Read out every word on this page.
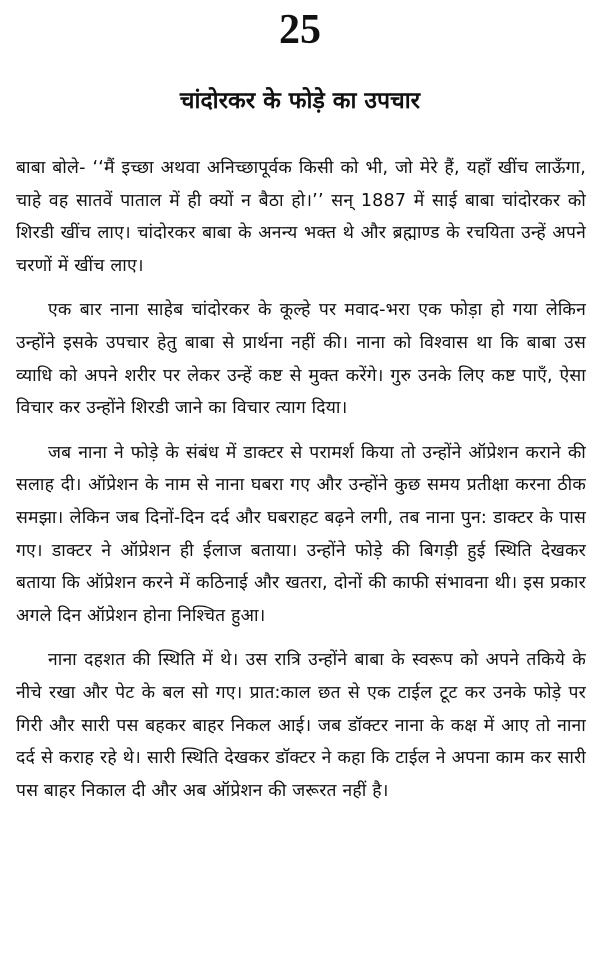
25
चांदोरकर के फोड़े का उपचार

बाबा बोले- ‘‘मैं इच्छा अथवा अनिच्छापूर्वक किसी को भी, जो मेरे हैं, यहाँ खींच लाऊँगा, चाहे वह सातवें पाताल में ही क्यों न बैठा हो।’’ सन् 1887 में साई बाबा चांदोरकर को शिरडी खींच लाए। चांदोरकर बाबा के अनन्य भक्त थे और ब्रह्माण्ड के रचयिता उन्हें अपने चरणों में खींच लाए।

एक बार नाना साहेब चांदोरकर के कूल्हे पर मवाद-भरा एक फोड़ा हो गया लेकिन उन्होंने इसके उपचार हेतु बाबा से प्रार्थना नहीं की। नाना को विश्वास था कि बाबा उस व्याधि को अपने शरीर पर लेकर उन्हें कष्ट से मुक्त करेंगे। गुरु उनके लिए कष्ट पाएँ, ऐसा विचार कर उन्होंने शिरडी जाने का विचार त्याग दिया।

जब नाना ने फोड़े के संबंध में डाक्टर से परामर्श किया तो उन्होंने ऑप्रेशन कराने की सलाह दी। ऑप्रेशन के नाम से नाना घबरा गए और उन्होंने कुछ समय प्रतीक्षा करना ठीक समझा। लेकिन जब दिनों-दिन दर्द और घबराहट बढ़ने लगी, तब नाना पुन: डाक्टर के पास गए। डाक्टर ने ऑप्रेशन ही ईलाज बताया। उन्होंने फोड़े की बिगड़ी हुई स्थिति देखकर बताया कि ऑप्रेशन करने में कठिनाई और खतरा, दोनों की काफी संभावना थी। इस प्रकार अगले दिन ऑप्रेशन होना निश्चित हुआ।

नाना दहशत की स्थिति में थे। उस रात्रि उन्होंने बाबा के स्वरूप को अपने तकिये के नीचे रखा और पेट के बल सो गए। प्रात:काल छत से एक टाईल टूट कर उनके फोड़े पर गिरी और सारी पस बहकर बाहर निकल आई। जब डॉक्टर नाना के कक्ष में आए तो नाना दर्द से कराह रहे थे। सारी स्थिति देखकर डॉक्टर ने कहा कि टाईल ने अपना काम कर सारी पस बाहर निकाल दी और अब ऑप्रेशन की जरूरत नहीं है।
